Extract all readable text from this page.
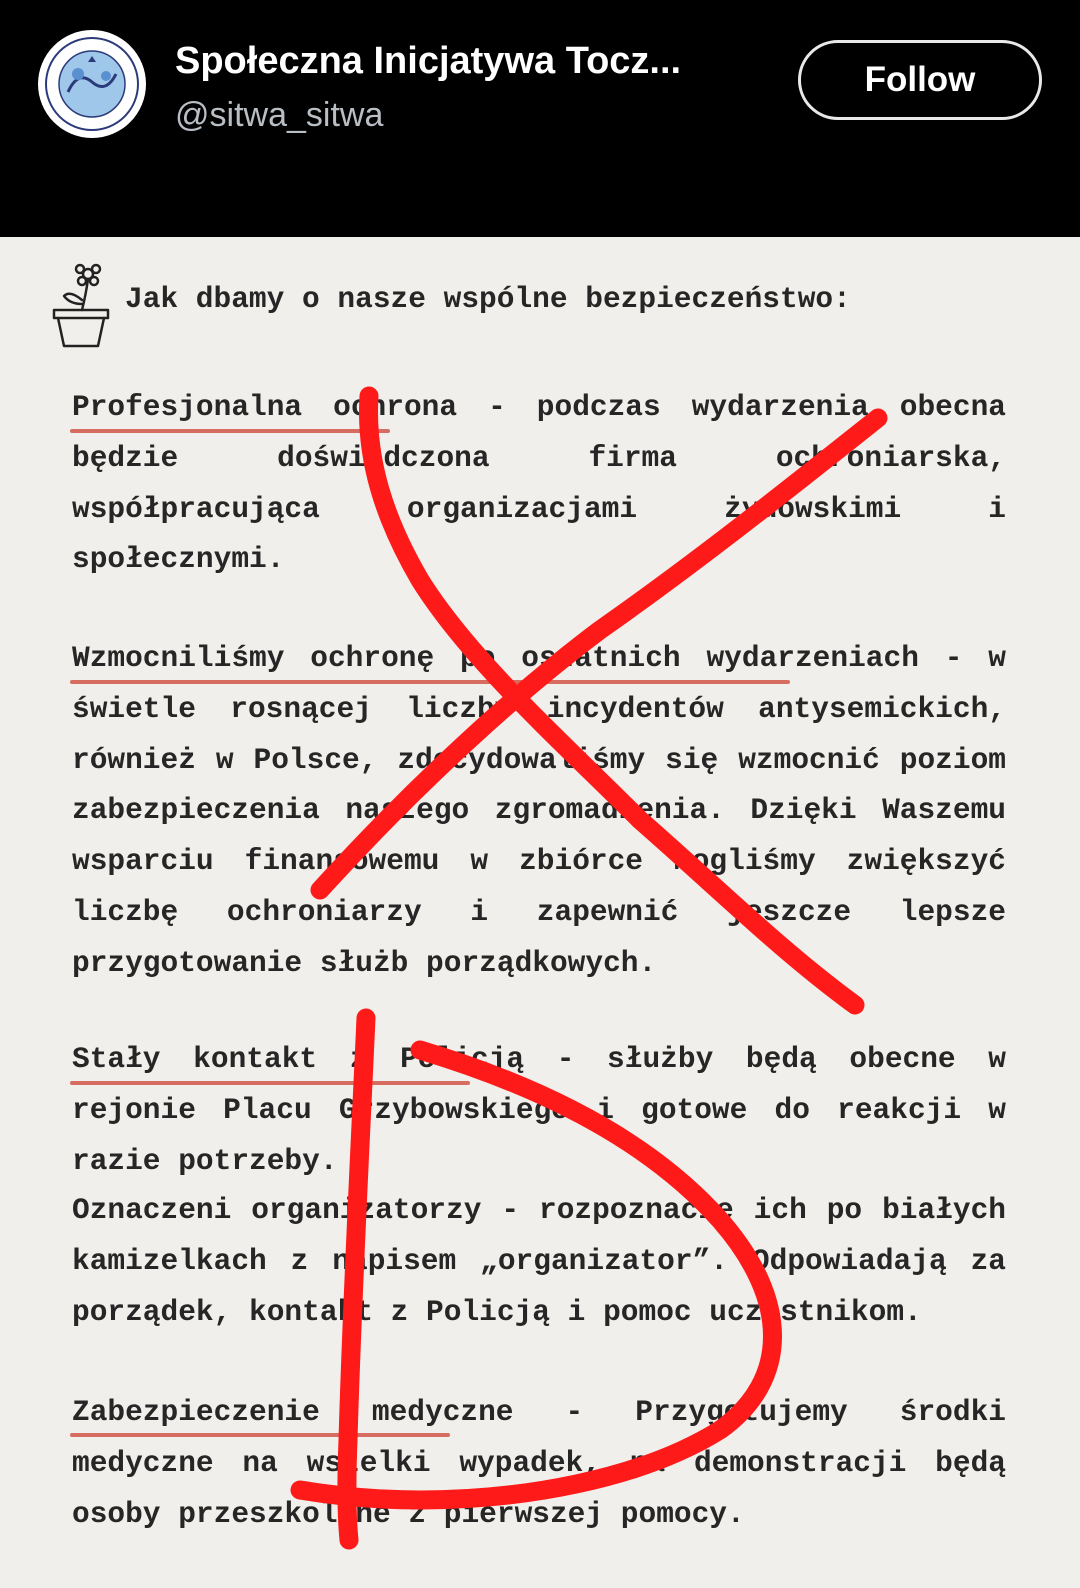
Społeczna Inicjatywa Tocz...
@sitwa_sitwa
Follow
Jak dbamy o nasze wspólne bezpieczeństwo:

Profesjonalna ochrona - podczas wydarzenia obecna będzie doświadczona firma ochroniarska, współpracująca organizacjami żydowskimi i społecznymi.

Wzmocniliśmy ochronę po ostatnich wydarzeniach - w świetle rosnącej liczby incydentów antysemickich, również w Polsce, zdecydowaliśmy się wzmocnić poziom zabezpieczenia naszego zgromadzenia. Dzięki Waszemu wsparciu finansowemu w zbiórce mogliśmy zwiększyć liczbę ochroniarzy i zapewnić jeszcze lepsze przygotowanie służb porządkowych.

Stały kontakt z Policją - służby będą obecne w rejonie Placu Grzybowskiego i gotowe do reakcji w razie potrzeby.

Oznaczeni organizatorzy - rozpoznacie ich po białych kamizelkach z napisem „organizator”. Odpowiadają za porządek, kontakt z Policją i pomoc uczestnikom.

Zabezpieczenie medyczne - Przygotujemy środki medyczne na wszelki wypadek, na demonstracji będą osoby przeszkolone z pierwszej pomocy.
